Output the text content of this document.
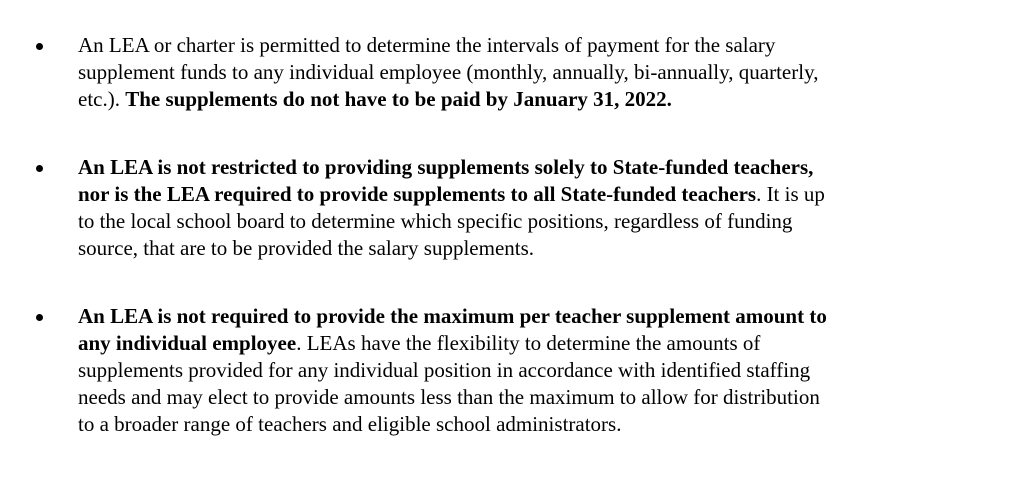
An LEA or charter is permitted to determine the intervals of payment for the salary
supplement funds to any individual employee (monthly, annually, bi-annually, quarterly,
etc.). The supplements do not have to be paid by January 31, 2022.
An LEA is not restricted to providing supplements solely to State-funded teachers,
nor is the LEA required to provide supplements to all State-funded teachers. It is up
to the local school board to determine which specific positions, regardless of funding
source, that are to be provided the salary supplements.
An LEA is not required to provide the maximum per teacher supplement amount to
any individual employee. LEAs have the flexibility to determine the amounts of
supplements provided for any individual position in accordance with identified staffing
needs and may elect to provide amounts less than the maximum to allow for distribution
to a broader range of teachers and eligible school administrators.
